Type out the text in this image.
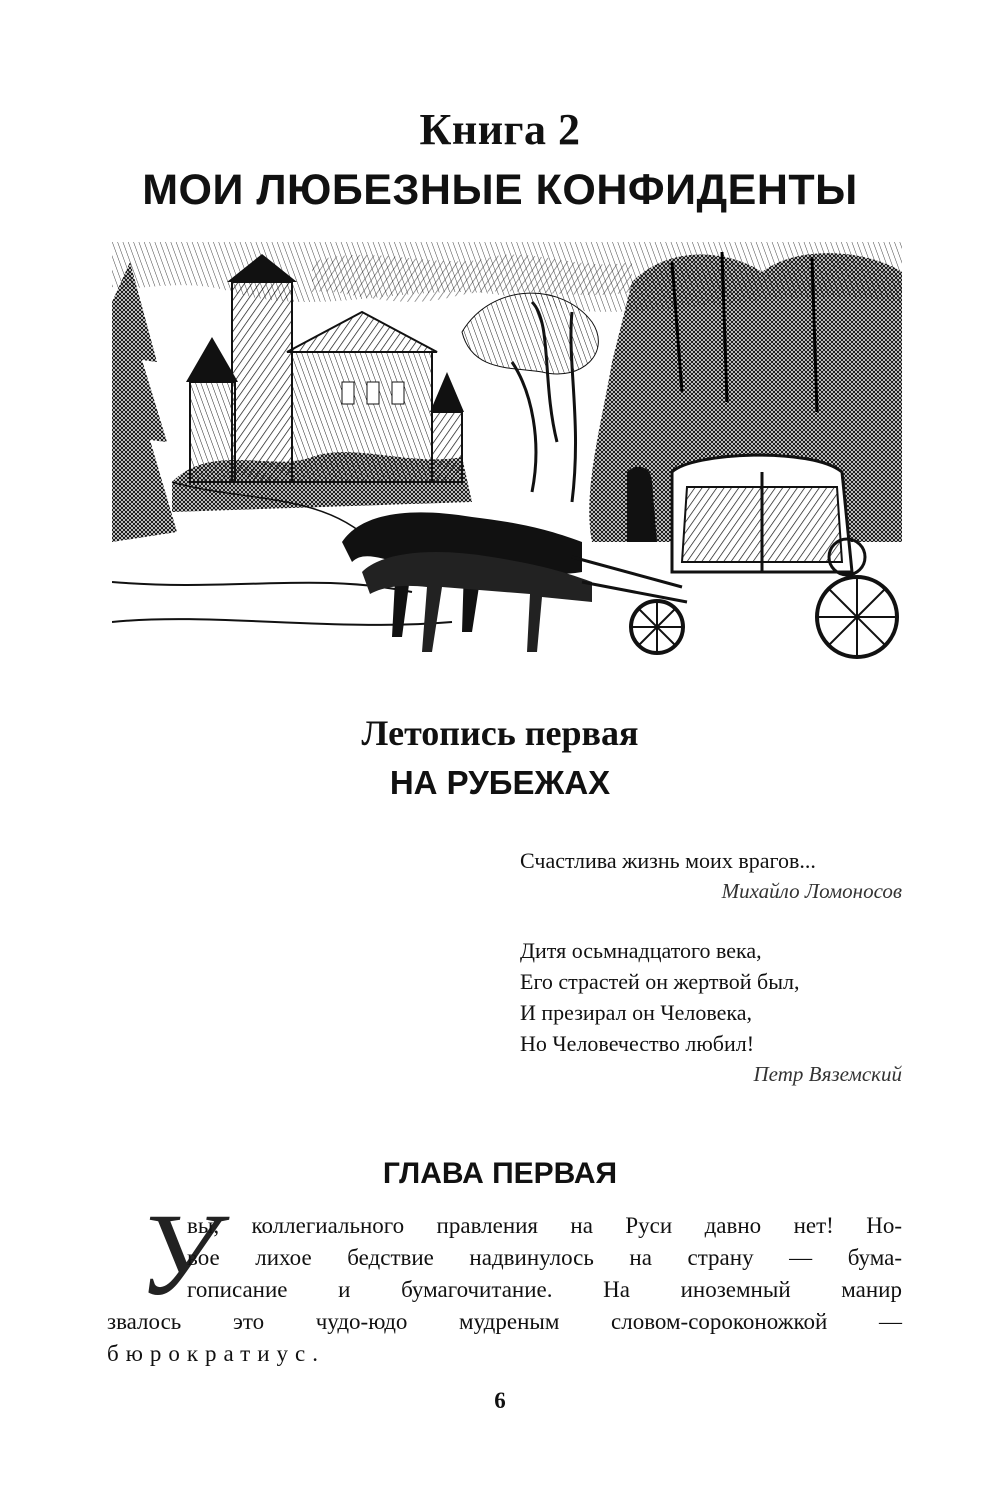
Книга 2
МОИ ЛЮБЕЗНЫЕ КОНФИДЕНТЫ
Летопись первая
НА РУБЕЖАХ
Счастлива жизнь моих врагов...
Михайло Ломоносов
Дитя осьмнадцатого века,
Его страстей он жертвой был,
И презирал он Человека,
Но Человечество любил!
Петр Вяземский
ГЛАВА ПЕРВАЯ
У
вы, коллегиального правления на Руси давно нет! Но-
вое лихое бедствие надвинулось на страну — бума-
гописание и бумагочитание. На иноземный манир
звалось это чудо-юдо мудреным словом-сороконожкой —
бюрократиус.
6
